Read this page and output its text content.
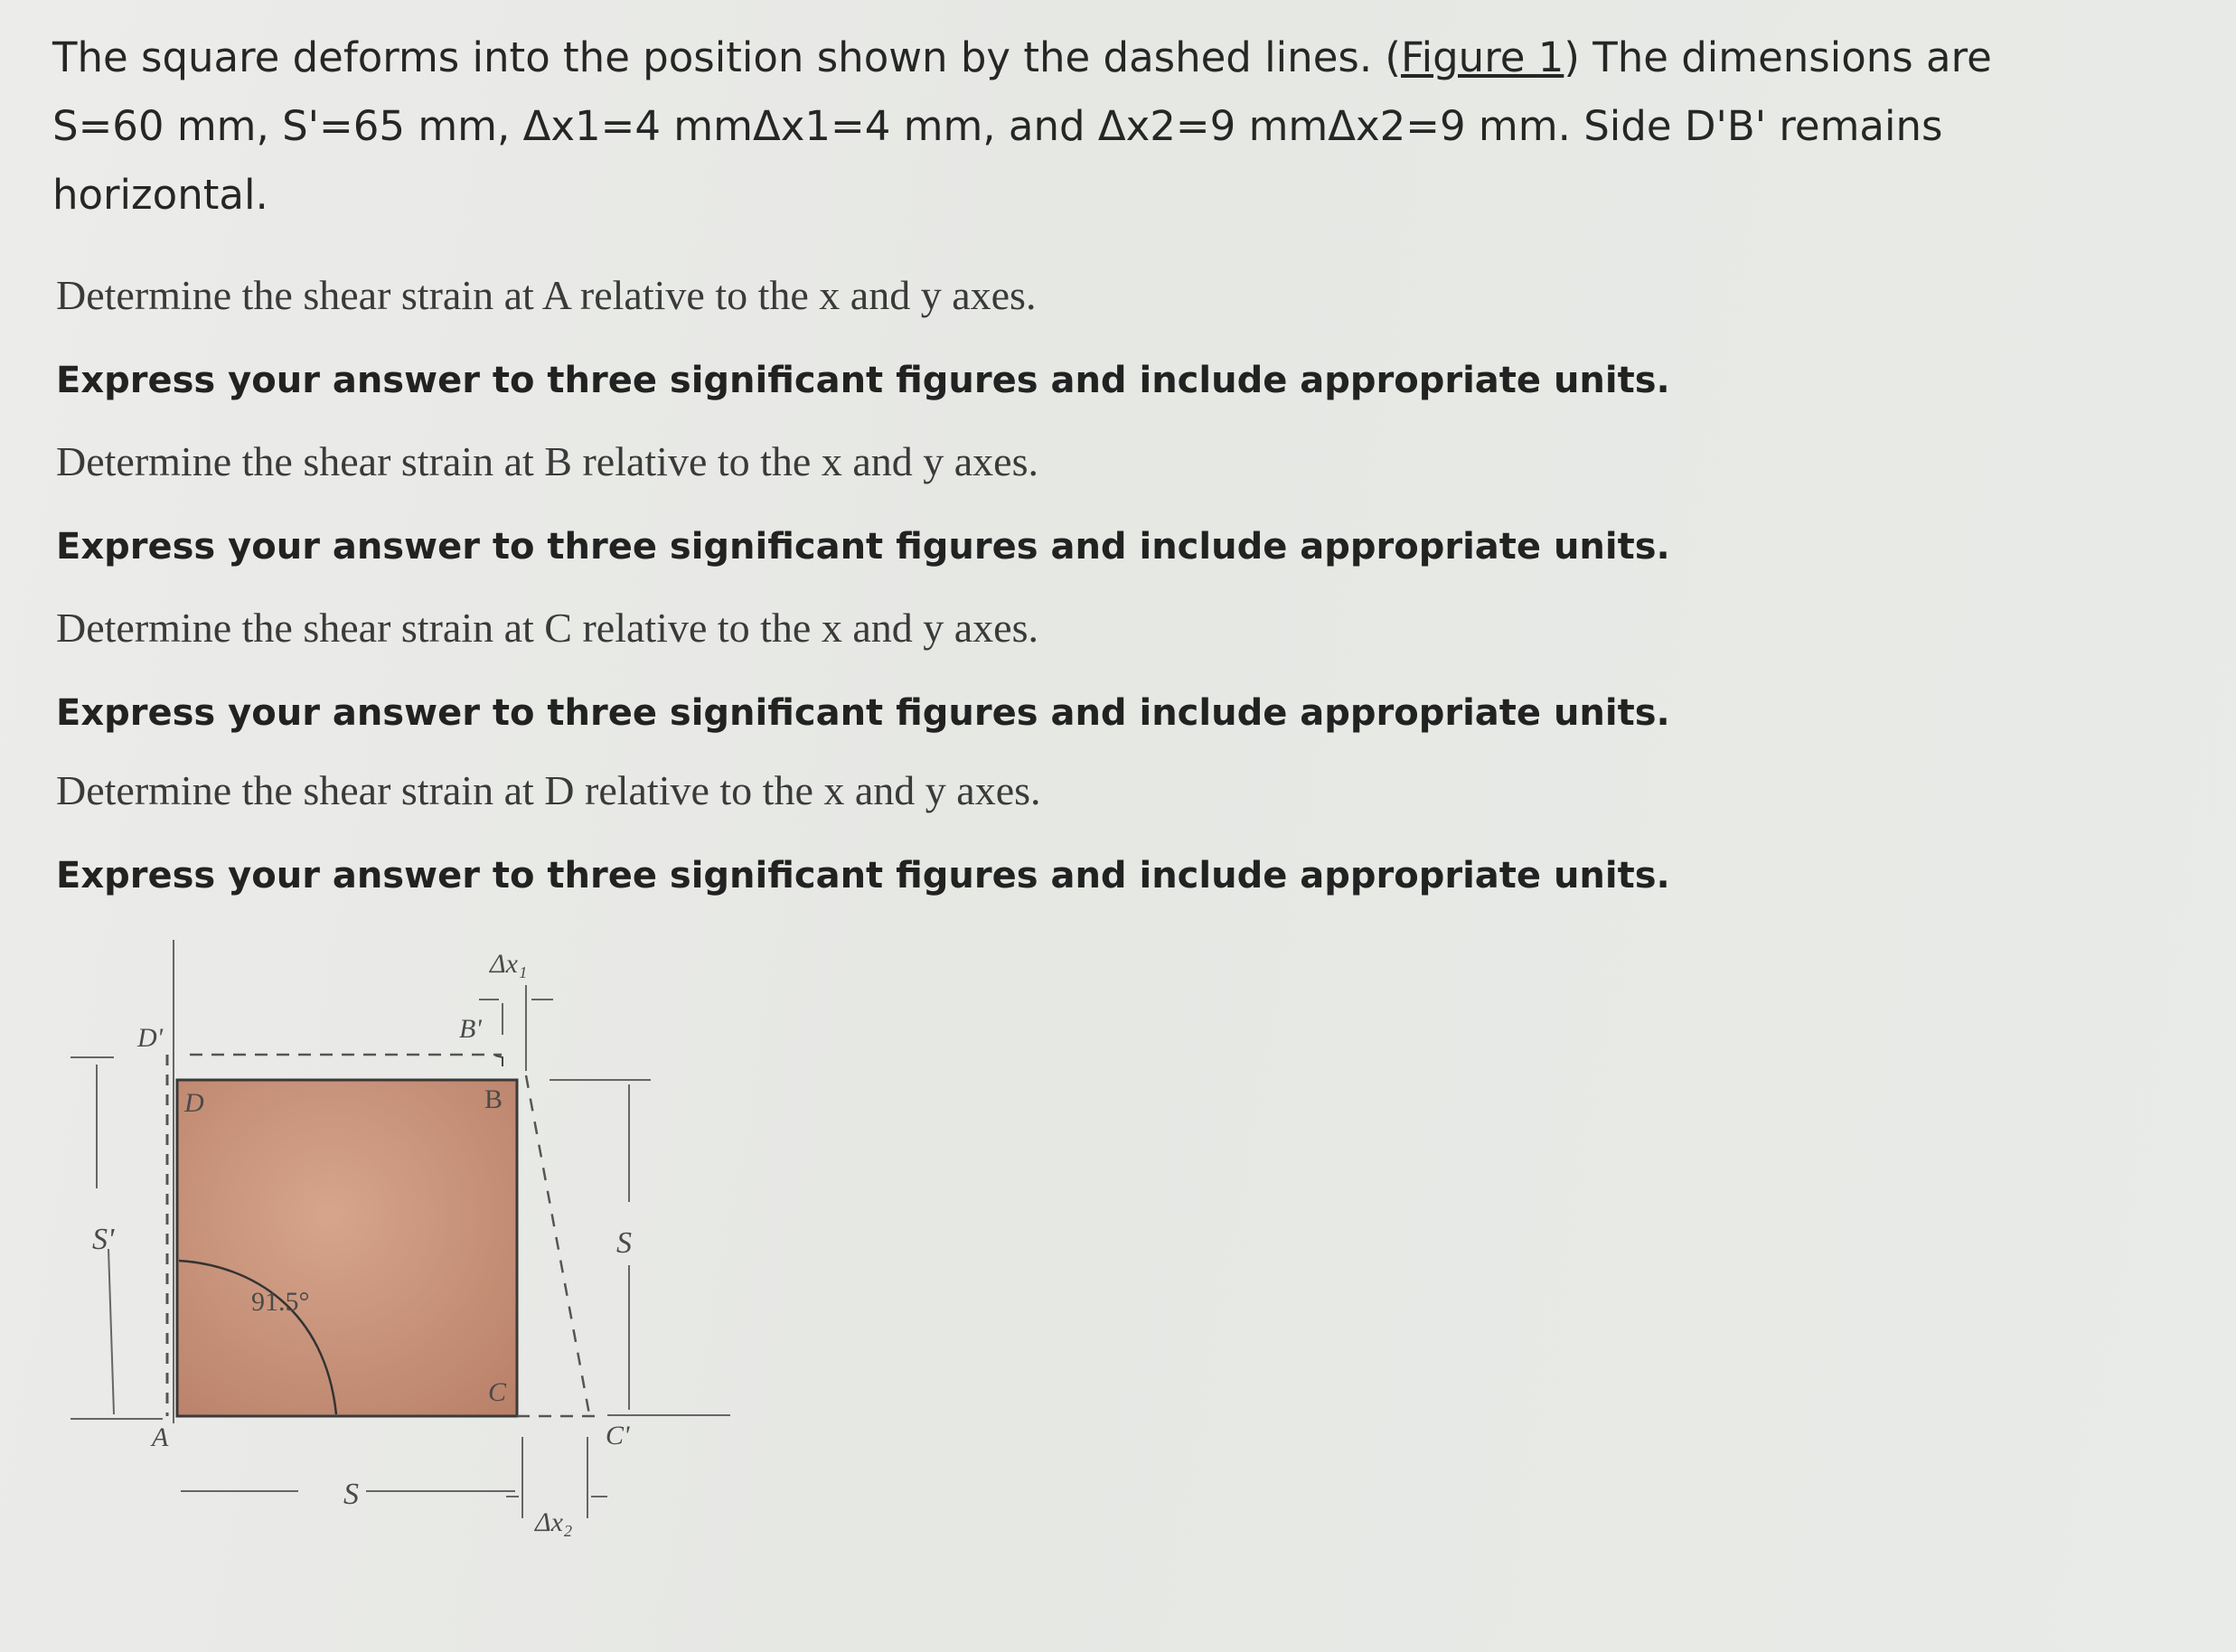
The square deforms into the position shown by the dashed lines. (Figure 1) The dimensions are S=60 mm, S'=65 mm, Δx1=4 mmΔx1=4 mm, and Δx2=9 mmΔx2=9 mm. Side D'B' remains horizontal.

Determine the shear strain at A relative to the x and y axes.

Express your answer to three significant figures and include appropriate units.

Determine the shear strain at B relative to the x and y axes.

Express your answer to three significant figures and include appropriate units.

Determine the shear strain at C relative to the x and y axes.

Express your answer to three significant figures and include appropriate units.

Determine the shear strain at D relative to the x and y axes.

Express your answer to three significant figures and include appropriate units.

S'	S
S
Δx₁
Δx₂
91.5°
D'
D
B'
B
C
C'
A
